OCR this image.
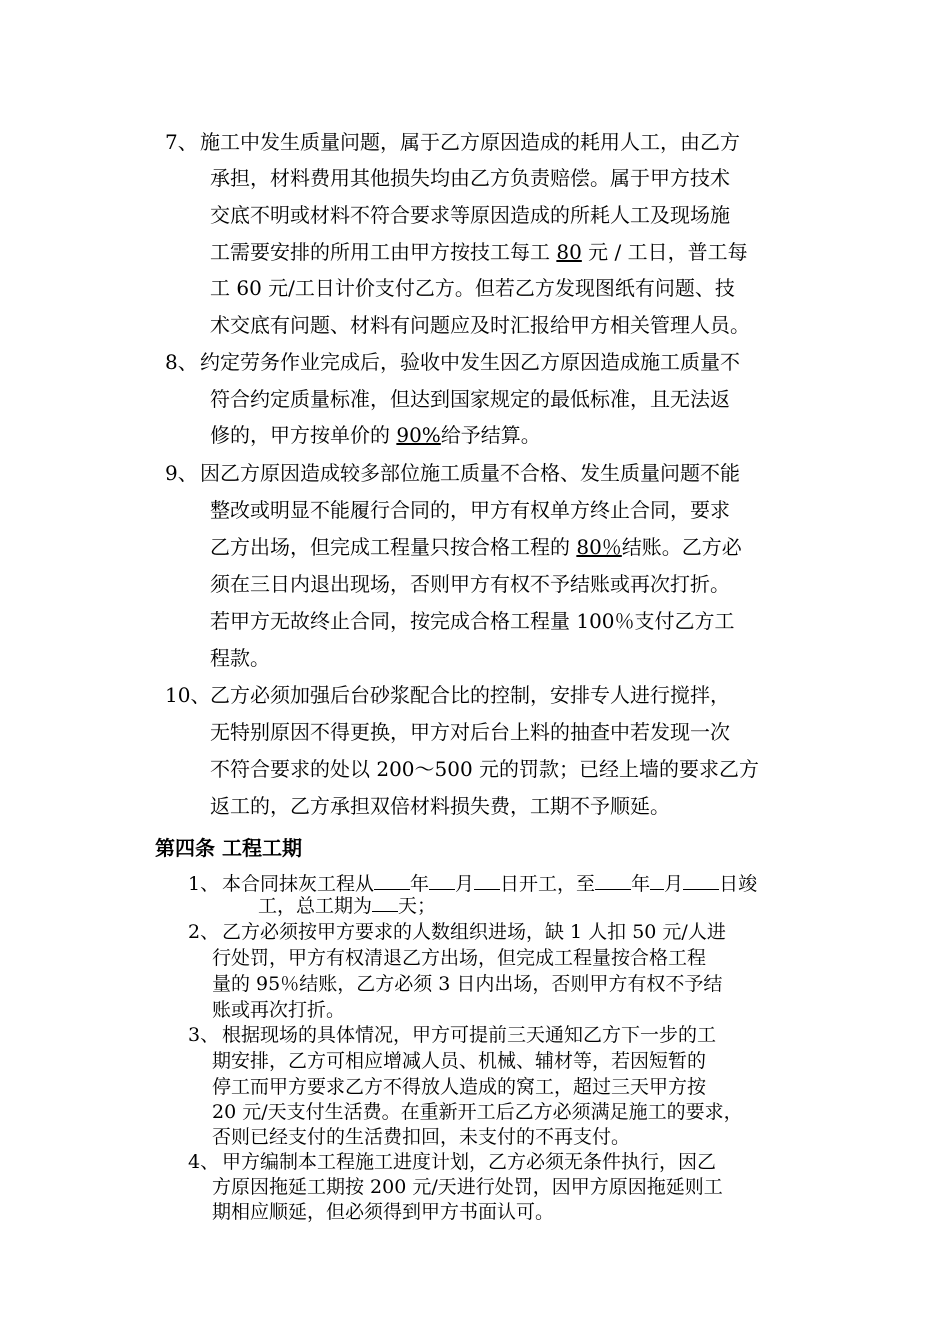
7、 施工中发生质量问题，属于乙方原因造成的耗用人工，由乙方
承担，材料费用其他损失均由乙方负责赔偿。属于甲方技术
交底不明或材料不符合要求等原因造成的所耗人工及现场施
工需要安排的所用工由甲方按技工每工 80 元 / 工日，普工每
工 60 元/工日计价支付乙方。但若乙方发现图纸有问题、技
术交底有问题、材料有问题应及时汇报给甲方相关管理人员。
8、 约定劳务作业完成后，验收中发生因乙方原因造成施工质量不
符合约定质量标准，但达到国家规定的最低标准，且无法返
修的，甲方按单价的 90%给予结算。
9、 因乙方原因造成较多部位施工质量不合格、发生质量问题不能
整改或明显不能履行合同的，甲方有权单方终止合同，要求
乙方出场，但完成工程量只按合格工程的 80％结账。乙方必
须在三日内退出现场，否则甲方有权不予结账或再次打折。
若甲方无故终止合同，按完成合格工程量 100％支付乙方工
程款。
10、 乙方必须加强后台砂浆配合比的控制，安排专人进行搅拌，
无特别原因不得更换，甲方对后台上料的抽查中若发现一次
不符合要求的处以 200～500 元的罚款；已经上墙的要求乙方
返工的，乙方承担双倍材料损失费，工期不予顺延。
第四条 工程工期
1、 本合同抹灰工程从 年 月 日开工，至 年 月 日竣
工，总工期为 天；
2、 乙方必须按甲方要求的人数组织进场，缺 1 人扣 50 元/人进
行处罚，甲方有权清退乙方出场，但完成工程量按合格工程
量的 95％结账，乙方必须 3 日内出场，否则甲方有权不予结
账或再次打折。
3、 根据现场的具体情况，甲方可提前三天通知乙方下一步的工
期安排，乙方可相应增减人员、机械、辅材等，若因短暂的
停工而甲方要求乙方不得放人造成的窝工，超过三天甲方按
20 元/天支付生活费。在重新开工后乙方必须满足施工的要求，
否则已经支付的生活费扣回，未支付的不再支付。
4、 甲方编制本工程施工进度计划，乙方必须无条件执行，因乙
方原因拖延工期按 200 元/天进行处罚，因甲方原因拖延则工
期相应顺延，但必须得到甲方书面认可。
